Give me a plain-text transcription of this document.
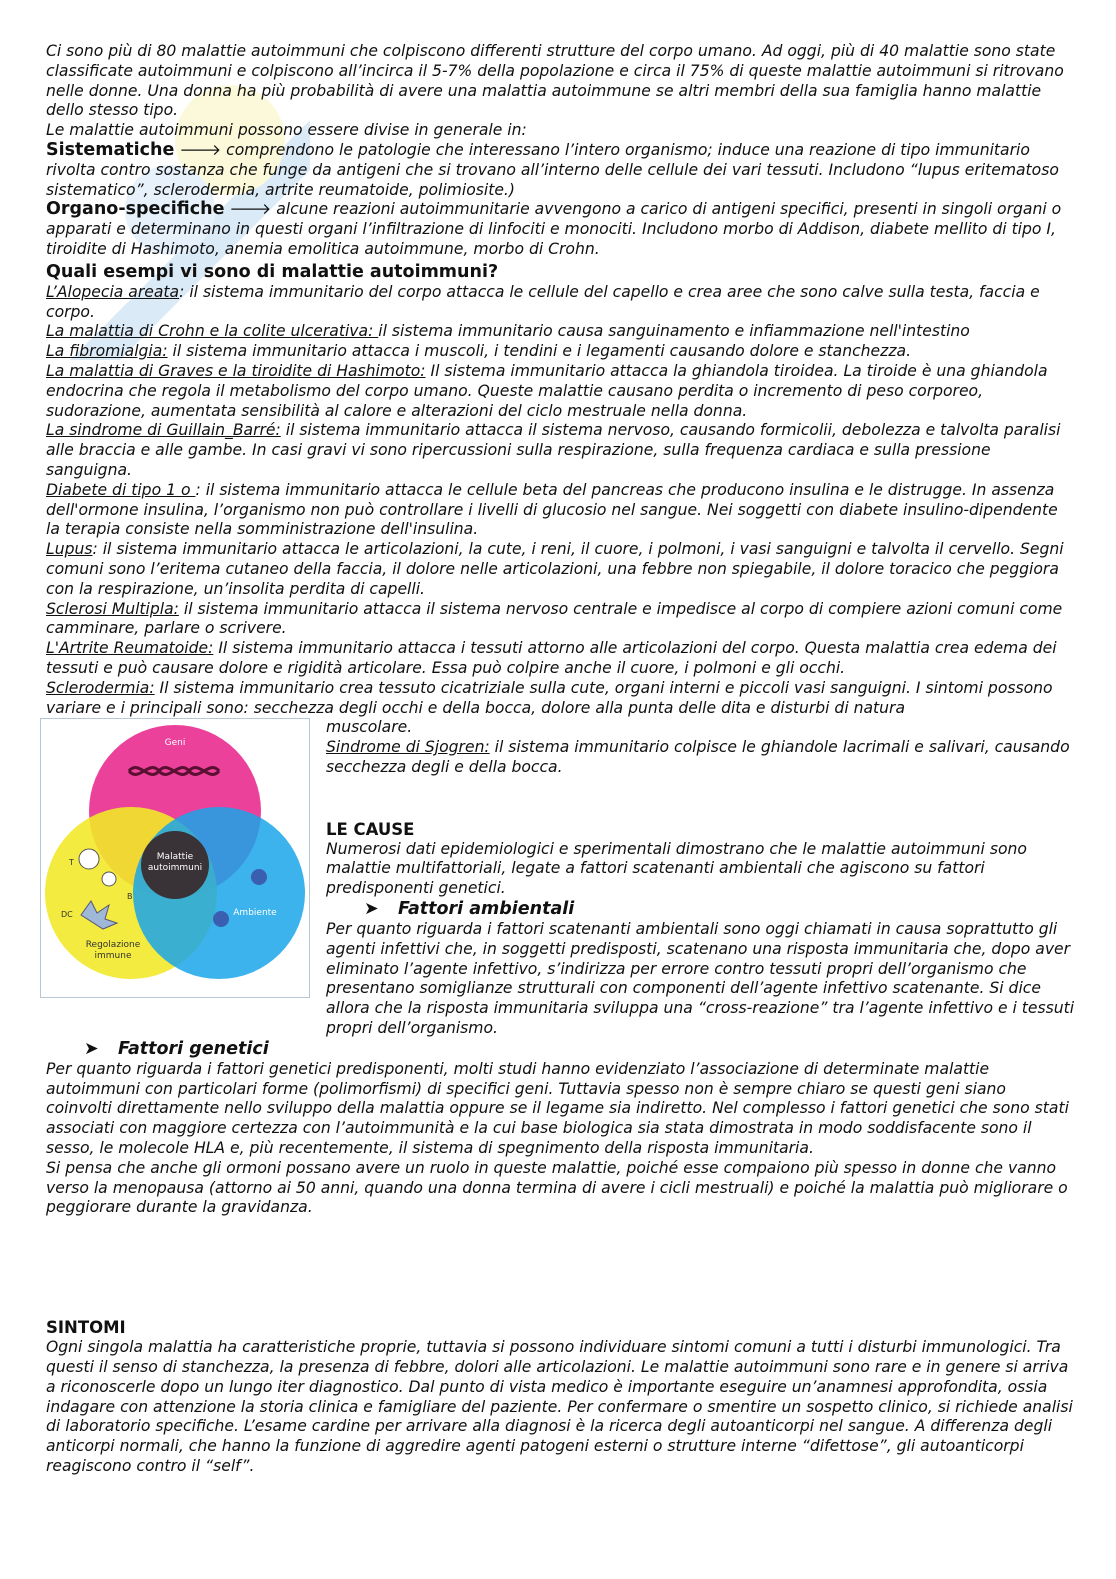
Ci sono più di 80 malattie autoimmuni che colpiscono differenti strutture del corpo umano. Ad oggi, più di 40 malattie sono state classificate autoimmuni e colpiscono all’incirca il 5-7% della popolazione e circa il 75% di queste malattie autoimmuni si ritrovano nelle donne. Una donna ha più probabilità di avere una malattia autoimmune se altri membri della sua famiglia hanno malattie dello stesso tipo.

Le malattie autoimmuni possono essere divise in generale in:

Sistematiche 🡒 comprendono le patologie che interessano l’intero organismo; induce una reazione di tipo immunitario rivolta contro sostanza che funge da antigeni che si trovano all’interno delle cellule dei vari tessuti. Includono “lupus eritematoso sistematico”, sclerodermia, artrite reumatoide, polimiosite.)

Organo-specifiche 🡒 alcune reazioni autoimmunitarie avvengono a carico di antigeni specifici, presenti in singoli organi o apparati e determinano in questi organi l’infiltrazione di linfociti e monociti. Includono morbo di Addison, diabete mellito di tipo I, tiroidite di Hashimoto, anemia emolitica autoimmune, morbo di Crohn.

Quali esempi vi sono di malattie autoimmuni?

L’Alopecia areata: il sistema immunitario del corpo attacca le cellule del capello e crea aree che sono calve sulla testa, faccia e corpo.

La malattia di Crohn e la colite ulcerativa: il sistema immunitario causa sanguinamento e infiammazione nell'intestino

La fibromialgia: il sistema immunitario attacca i muscoli, i tendini e i legamenti causando dolore e stanchezza.

La malattia di Graves e la tiroidite di Hashimoto: Il sistema immunitario attacca la ghiandola tiroidea. La tiroide è una ghiandola endocrina che regola il metabolismo del corpo umano. Queste malattie causano perdita o incremento di peso corporeo, sudorazione, aumentata sensibilità al calore e alterazioni del ciclo mestruale nella donna.

La sindrome di Guillain_Barré: il sistema immunitario attacca il sistema nervoso, causando formicolii, debolezza e talvolta paralisi alle braccia e alle gambe. In casi gravi vi sono ripercussioni sulla respirazione, sulla frequenza cardiaca e sulla pressione sanguigna.

Diabete di tipo 1 o : il sistema immunitario attacca le cellule beta del pancreas che producono insulina e le distrugge. In assenza dell'ormone insulina, l’organismo non può controllare i livelli di glucosio nel sangue. Nei soggetti con diabete insulino-dipendente la terapia consiste nella somministrazione dell'insulina.

Lupus: il sistema immunitario attacca le articolazioni, la cute, i reni, il cuore, i polmoni, i vasi sanguigni e talvolta il cervello. Segni comuni sono l’eritema cutaneo della faccia, il dolore nelle articolazioni, una febbre non spiegabile, il dolore toracico che peggiora con la respirazione, un’insolita perdita di capelli.

Sclerosi Multipla: il sistema immunitario attacca il sistema nervoso centrale e impedisce al corpo di compiere azioni comuni come camminare, parlare o scrivere.

L'Artrite Reumatoide: Il sistema immunitario attacca i tessuti attorno alle articolazioni del corpo. Questa malattia crea edema dei tessuti e può causare dolore e rigidità articolare. Essa può colpire anche il cuore, i polmoni e gli occhi.

Sclerodermia: Il sistema immunitario crea tessuto cicatriziale sulla cute, organi interni e piccoli vasi sanguigni. I sintomi possono variare e i principali sono: secchezza degli occhi e della bocca, dolore alla punta delle dita e disturbi di natura

Geni
Malattie autoimmuni
Ambiente
Regolazione immune
T
B
DC

muscolare.

Sindrome di Sjogren: il sistema immunitario colpisce le ghiandole lacrimali e salivari, causando secchezza degli e della bocca.

LE CAUSE

Numerosi dati epidemiologici e sperimentali dimostrano che le malattie autoimmuni sono malattie multifattoriali, legate a fattori scatenanti ambientali che agiscono su fattori predisponenti genetici.

➤ Fattori ambientali

Per quanto riguarda i fattori scatenanti ambientali sono oggi chiamati in causa soprattutto gli agenti infettivi che, in soggetti predisposti, scatenano una risposta immunitaria che, dopo aver eliminato l’agente infettivo, s’indirizza per errore contro tessuti propri dell’organismo che presentano somiglianze strutturali con componenti dell’agente infettivo scatenante. Si dice allora che la risposta immunitaria sviluppa una “cross-reazione” tra l’agente infettivo e i tessuti propri dell’organismo.

➤ Fattori genetici

Per quanto riguarda i fattori genetici predisponenti, molti studi hanno evidenziato l’associazione di determinate malattie autoimmuni con particolari forme (polimorfismi) di specifici geni. Tuttavia spesso non è sempre chiaro se questi geni siano coinvolti direttamente nello sviluppo della malattia oppure se il legame sia indiretto. Nel complesso i fattori genetici che sono stati associati con maggiore certezza con l’autoimmunità e la cui base biologica sia stata dimostrata in modo soddisfacente sono il sesso, le molecole HLA e, più recentemente, il sistema di spegnimento della risposta immunitaria.

Si pensa che anche gli ormoni possano avere un ruolo in queste malattie, poiché esse compaiono più spesso in donne che vanno verso la menopausa (attorno ai 50 anni, quando una donna termina di avere i cicli mestruali) e poiché la malattia può migliorare o peggiorare durante la gravidanza.

SINTOMI

Ogni singola malattia ha caratteristiche proprie, tuttavia si possono individuare sintomi comuni a tutti i disturbi immunologici. Tra questi il senso di stanchezza, la presenza di febbre, dolori alle articolazioni. Le malattie autoimmuni sono rare e in genere si arriva a riconoscerle dopo un lungo iter diagnostico. Dal punto di vista medico è importante eseguire un’anamnesi approfondita, ossia indagare con attenzione la storia clinica e famigliare del paziente. Per confermare o smentire un sospetto clinico, si richiede analisi di laboratorio specifiche. L’esame cardine per arrivare alla diagnosi è la ricerca degli autoanticorpi nel sangue. A differenza degli anticorpi normali, che hanno la funzione di aggredire agenti patogeni esterni o strutture interne “difettose”, gli autoanticorpi reagiscono contro il “self”.
